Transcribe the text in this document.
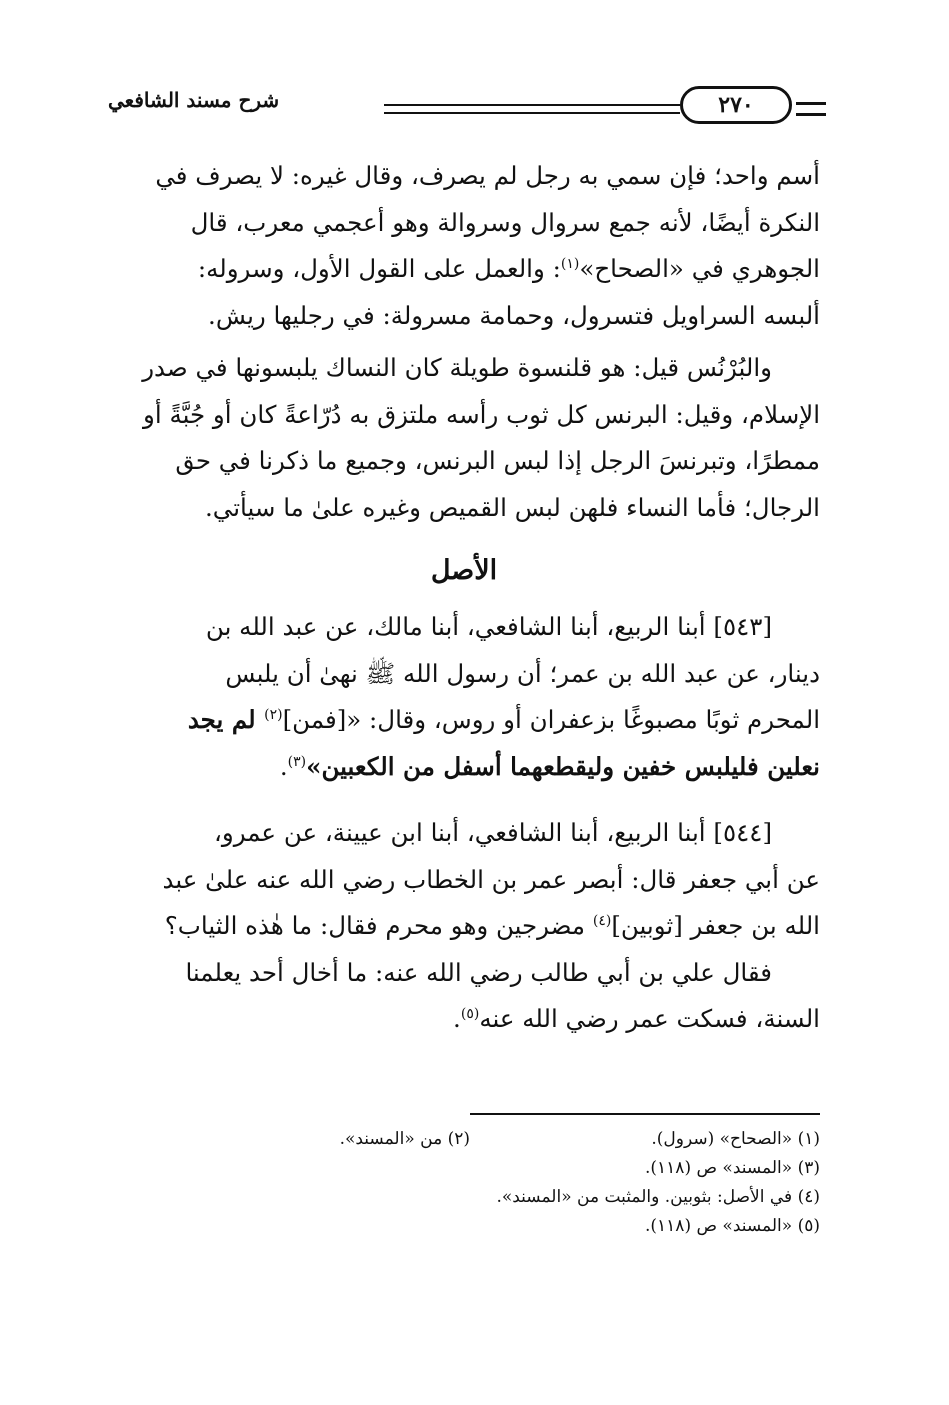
شرح مسند الشافعي	٢٧٠

أسم واحد؛ فإن سمي به رجل لم يصرف، وقال غيره: لا يصرف في

النكرة أيضًا، لأنه جمع سروال وسروالة وهو أعجمي معرب، قال

الجوهري في «الصحاح»$^{(١)}$: والعمل على القول الأول، وسروله:

ألبسه السراويل فتسرول، وحمامة مسرولة: في رجليها ريش.

والبُرْنُس قيل: هو قلنسوة طويلة كان النساك يلبسونها في صدر

الإسلام، وقيل: البرنس كل ثوب رأسه ملتزق به دُرّاعةً كان أو جُبَّةً أو

ممطرًا، وتبرنسَ الرجل إذا لبس البرنس، وجميع ما ذكرنا في حق

الرجال؛ فأما النساء فلهن لبس القميص وغيره علىٰ ما سيأتي.

الأصل

[٥٤٣] أبنا الربيع، أبنا الشافعي، أبنا مالك، عن عبد الله بن

دينار، عن عبد الله بن عمر؛ أن رسول الله ﷺ نهىٰ أن يلبس

المحرم ثوبًا مصبوغًا بزعفران أو روس، وقال: «[فمن]$^{(٢)}$ لم يجد

نعلين فليلبس خفين وليقطعهما أسفل من الكعبين»$^{(٣)}$.

[٥٤٤] أبنا الربيع، أبنا الشافعي، أبنا ابن عيينة، عن عمرو،

عن أبي جعفر قال: أبصر عمر بن الخطاب رضي الله عنه علىٰ عبد

الله بن جعفر [ثوبين]$^{(٤)}$ مضرجين وهو محرم فقال: ما هٰذه الثياب؟

فقال علي بن أبي طالب رضي الله عنه: ما أخال أحد يعلمنا

السنة، فسكت عمر رضي الله عنه$^{(٥)}$.

(١) «الصحاح» (سرول).
(٢) من «المسند».
(٣) «المسند» ص (١١٨).
(٤) في الأصل: بثوبين. والمثبت من «المسند».
(٥) «المسند» ص (١١٨).
